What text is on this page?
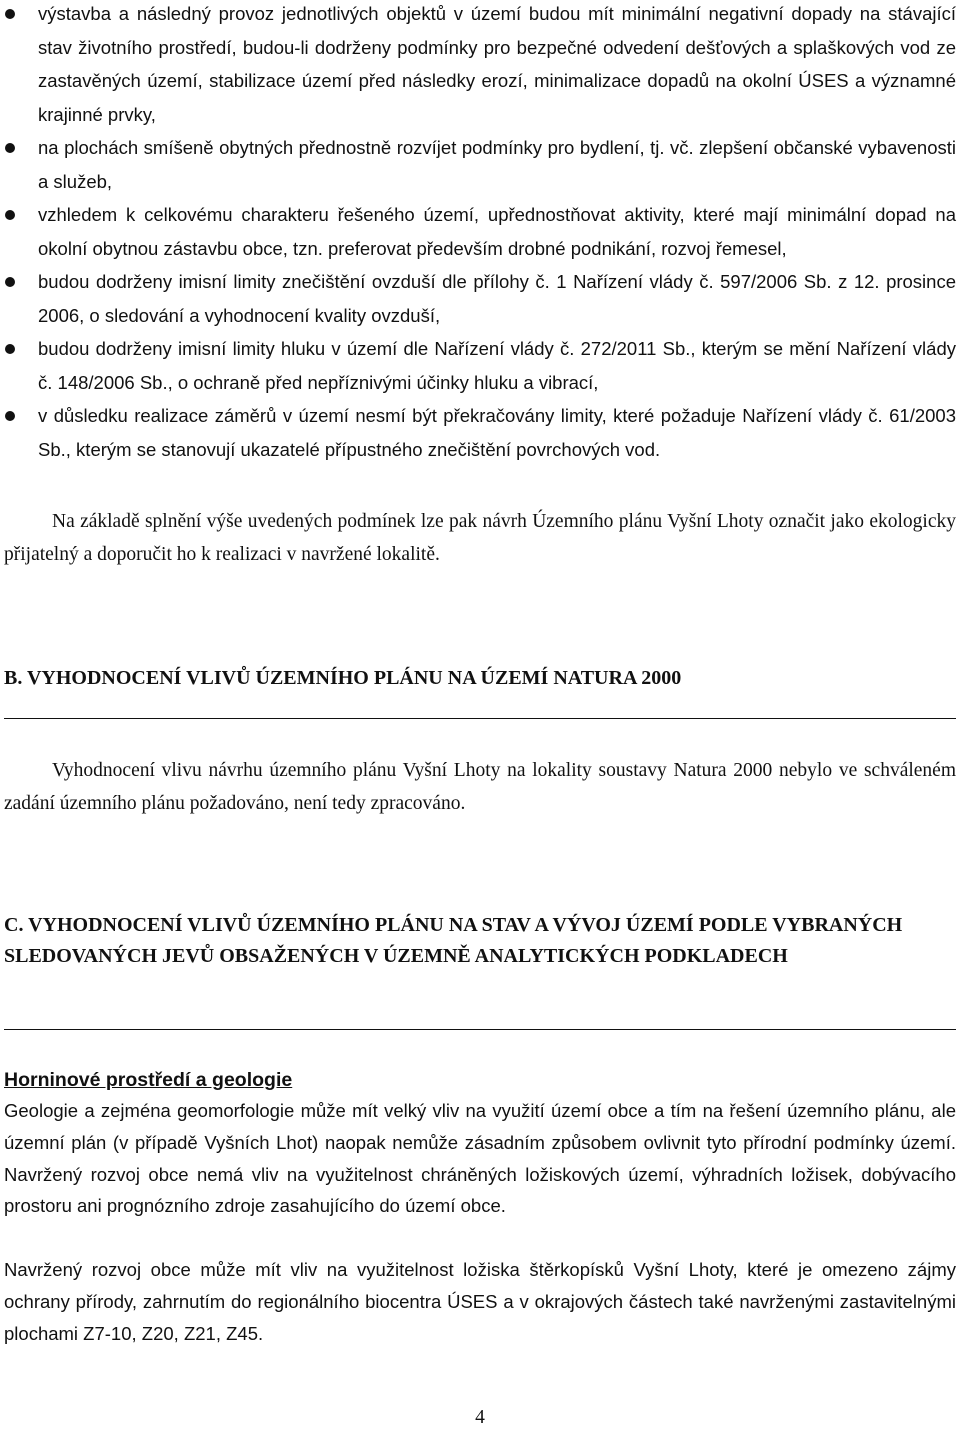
výstavba a následný provoz jednotlivých objektů v území budou mít minimální negativní dopady na stávající stav životního prostředí, budou-li dodrženy podmínky pro bezpečné odvedení dešťových a splaškových vod ze zastavěných území, stabilizace území před následky erozí, minimalizace dopadů na okolní ÚSES a významné krajinné prvky,
na plochách smíšeně obytných přednostně rozvíjet podmínky pro bydlení, tj. vč. zlepšení občanské vybavenosti a služeb,
vzhledem k celkovému charakteru řešeného území, upřednostňovat aktivity, které mají minimální dopad na okolní obytnou zástavbu obce, tzn. preferovat především drobné podnikání, rozvoj řemesel,
budou dodrženy imisní limity znečištění ovzduší dle přílohy č. 1 Nařízení vlády č. 597/2006 Sb. z 12. prosince 2006, o sledování a vyhodnocení kvality ovzduší,
budou dodrženy imisní limity hluku v území dle Nařízení vlády č. 272/2011 Sb., kterým se mění Nařízení vlády č. 148/2006 Sb., o ochraně před nepříznivými účinky hluku a vibrací,
v důsledku realizace záměrů v území nesmí být překračovány limity, které požaduje Nařízení vlády č. 61/2003 Sb., kterým se stanovují ukazatelé přípustného znečištění povrchových vod.
Na základě splnění výše uvedených podmínek lze pak návrh Územního plánu Vyšní Lhoty označit jako ekologicky přijatelný a doporučit ho k realizaci v navržené lokalitě.
B. VYHODNOCENÍ VLIVŮ ÚZEMNÍHO PLÁNU NA ÚZEMÍ NATURA 2000
Vyhodnocení vlivu návrhu územního plánu Vyšní Lhoty na lokality soustavy Natura 2000 nebylo ve schváleném zadání územního plánu požadováno, není tedy zpracováno.
C. VYHODNOCENÍ VLIVŮ ÚZEMNÍHO PLÁNU NA STAV A VÝVOJ ÚZEMÍ PODLE VYBRANÝCH SLEDOVANÝCH JEVŮ OBSAŽENÝCH V ÚZEMNĚ ANALYTICKÝCH PODKLADECH
Horninové prostředí a geologie
Geologie a zejména geomorfologie může mít velký vliv na využití území obce a tím na řešení územního plánu, ale územní plán (v případě Vyšních Lhot) naopak nemůže zásadním způsobem ovlivnit tyto přírodní podmínky území. Navržený rozvoj obce nemá vliv na využitelnost chráněných ložiskových území, výhradních ložisek, dobývacího prostoru ani prognózního zdroje zasahujícího do území obce.
Navržený rozvoj obce může mít vliv na využitelnost ložiska štěrkopísků Vyšní Lhoty, které je omezeno zájmy ochrany přírody, zahrnutím do regionálního biocentra ÚSES a v okrajových částech také navrženými zastavitelnými plochami Z7-10, Z20, Z21, Z45.
4
